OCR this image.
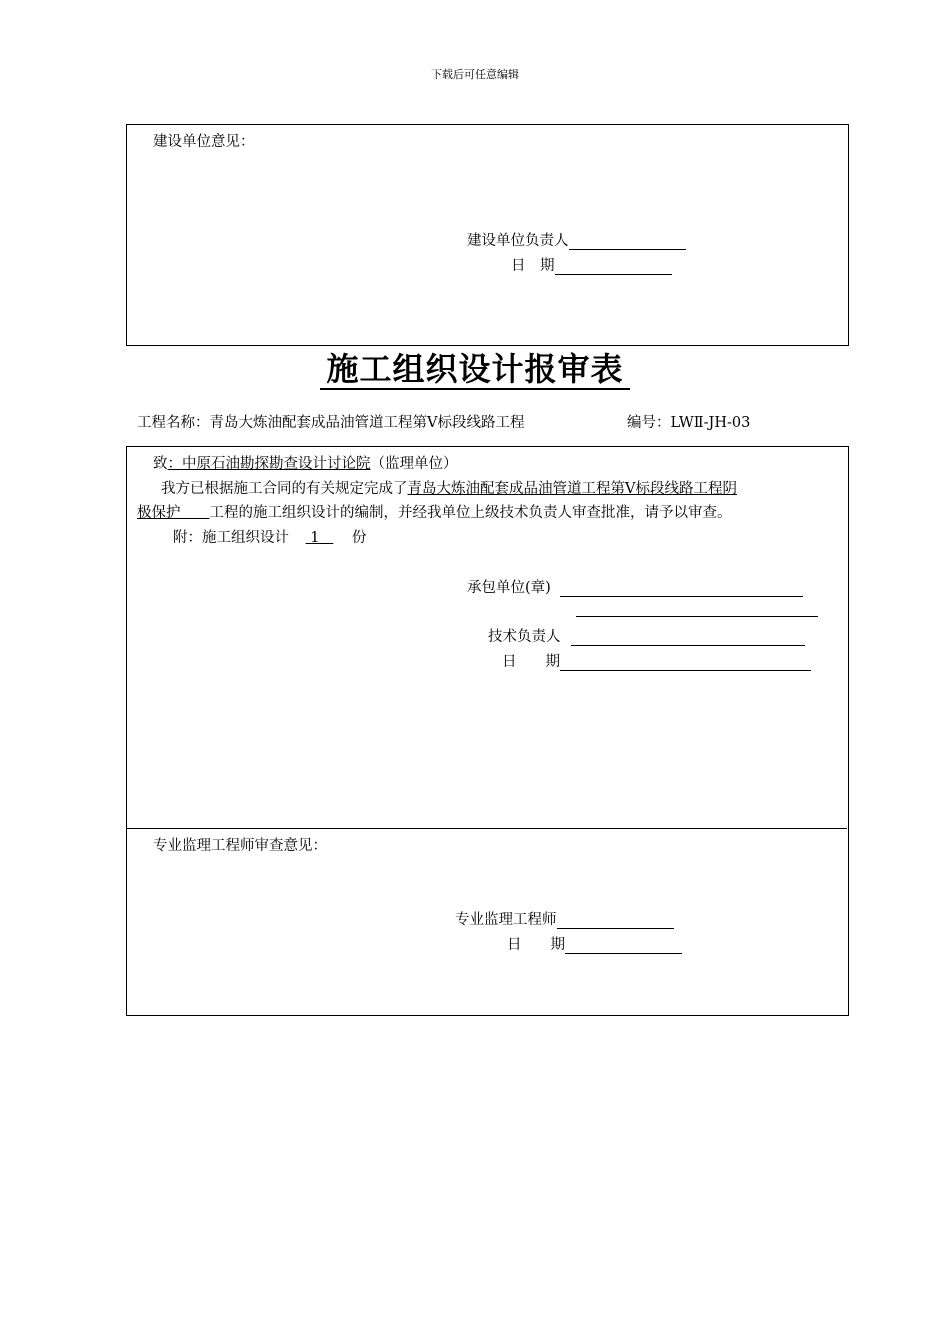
下载后可任意编辑
建设单位意见：
建设单位负责人
日　期
施工组织设计报审表
工程名称：青岛大炼油配套成品油管道工程第Ⅴ标段线路工程	编号：LWⅡ-JH-03
致：中原石油勘探勘查设计讨论院（监理单位）
我方已根据施工合同的有关规定完成了青岛大炼油配套成品油管道工程第Ⅴ标段线路工程阴
极保护　　工程的施工组织设计的编制，并经我单位上级技术负责人审查批准，请予以审查。
附：施工组织设计 1 份
承包单位(章)
技术负责人
日　　期
专业监理工程师审查意见：
专业监理工程师
日　　期
